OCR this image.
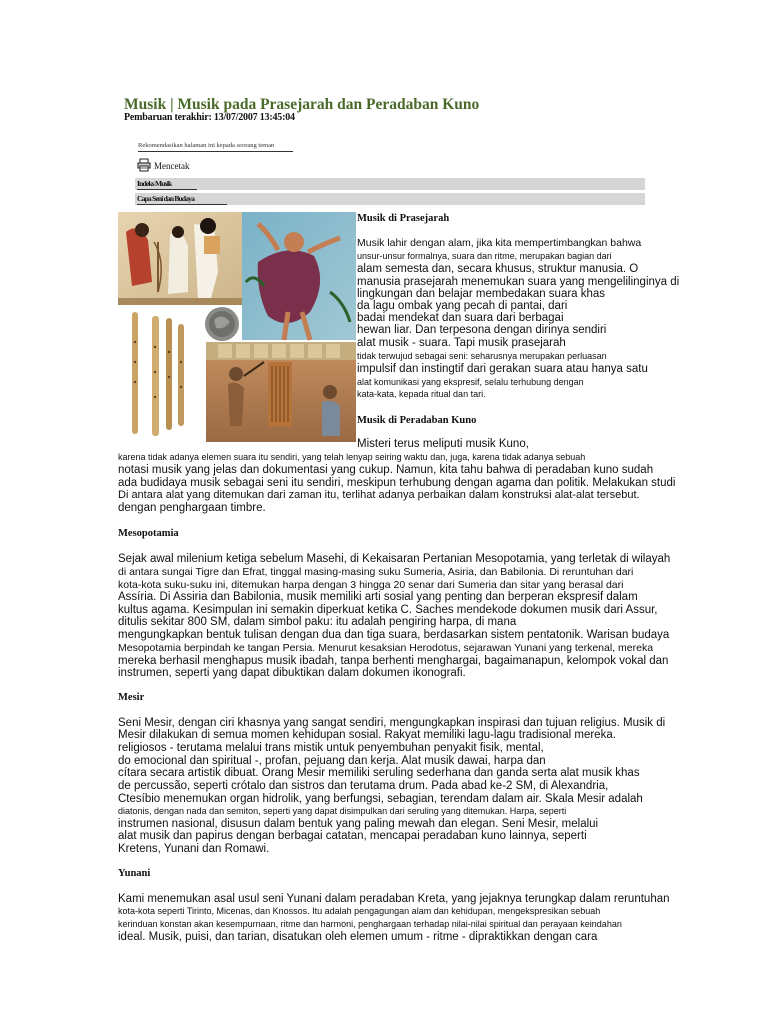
Musik | Musik pada Prasejarah dan Peradaban Kuno
Pembaruan terakhir: 13/07/2007 13:45:04
Rekomendasikan halaman ini kepada seorang teman
Mencetak
Indeks Musik
Capa Seni dan Budaya
Musik di Prasejarah
Musik lahir dengan alam, jika kita mempertimbangkan bahwa
unsur-unsur formalnya, suara dan ritme, merupakan bagian dari
alam semesta dan, secara khusus, struktur manusia. O
manusia prasejarah menemukan suara yang mengelilinginya di
lingkungan dan belajar membedakan suara khas
da lagu ombak yang pecah di pantai, dari
badai mendekat dan suara dari berbagai
hewan liar. Dan terpesona dengan dirinya sendiri
alat musik - suara. Tapi musik prasejarah
tidak terwujud sebagai seni: seharusnya merupakan perluasan
impulsif dan instingtif dari gerakan suara atau hanya satu
alat komunikasi yang ekspresif, selalu terhubung dengan
kata-kata, kepada ritual dan tari.
Musik di Peradaban Kuno
Misteri terus meliputi musik Kuno,
karena tidak adanya elemen suara itu sendiri, yang telah lenyap seiring waktu dan, juga, karena tidak adanya sebuah
notasi musik yang jelas dan dokumentasi yang cukup. Namun, kita tahu bahwa di peradaban kuno sudah
ada budidaya musik sebagai seni itu sendiri, meskipun terhubung dengan agama dan politik. Melakukan studi
Di antara alat yang ditemukan dari zaman itu, terlihat adanya perbaikan dalam konstruksi alat-alat tersebut.
dengan penghargaan timbre.
Mesopotamia
Sejak awal milenium ketiga sebelum Masehi, di Kekaisaran Pertanian Mesopotamia, yang terletak di wilayah
di antara sungai Tigre dan Efrat, tinggal masing-masing suku Sumeria, Asiria, dan Babilonia. Di reruntuhan dari
kota-kota suku-suku ini, ditemukan harpa dengan 3 hingga 20 senar dari Sumeria dan sitar yang berasal dari
Assíria. Di Assiria dan Babilonia, musik memiliki arti sosial yang penting dan berperan ekspresif dalam
kultus agama. Kesimpulan ini semakin diperkuat ketika C. Saches mendekode dokumen musik dari Assur,
ditulis sekitar 800 SM, dalam simbol paku: itu adalah pengiring harpa, di mana
mengungkapkan bentuk tulisan dengan dua dan tiga suara, berdasarkan sistem pentatonik. Warisan budaya
Mesopotamia berpindah ke tangan Persia. Menurut kesaksian Herodotus, sejarawan Yunani yang terkenal, mereka
mereka berhasil menghapus musik ibadah, tanpa berhenti menghargai, bagaimanapun, kelompok vokal dan
instrumen, seperti yang dapat dibuktikan dalam dokumen ikonografi.
Mesir
Seni Mesir, dengan ciri khasnya yang sangat sendiri, mengungkapkan inspirasi dan tujuan religius. Musik di
Mesir dilakukan di semua momen kehidupan sosial. Rakyat memiliki lagu-lagu tradisional mereka.
religiosos - terutama melalui trans mistik untuk penyembuhan penyakit fisik, mental,
do emocional dan spiritual -, profan, pejuang dan kerja. Alat musik dawai, harpa dan
cítara secara artistik dibuat. Orang Mesir memiliki seruling sederhana dan ganda serta alat musik khas
de percussão, seperti crótalo dan sistros dan terutama drum. Pada abad ke-2 SM, di Alexandria,
Ctesíbio menemukan organ hidrolik, yang berfungsi, sebagian, terendam dalam air. Skala Mesir adalah
diatonis, dengan nada dan semiton, seperti yang dapat disimpulkan dari seruling yang ditemukan. Harpa, seperti
instrumen nasional, disusun dalam bentuk yang paling mewah dan elegan. Seni Mesir, melalui
alat musik dan papirus dengan berbagai catatan, mencapai peradaban kuno lainnya, seperti
Kretens, Yunani dan Romawi.
Yunani
Kami menemukan asal usul seni Yunani dalam peradaban Kreta, yang jejaknya terungkap dalam reruntuhan
kota-kota seperti Tirinto, Micenas, dan Knossos. Itu adalah pengagungan alam dan kehidupan, mengekspresikan sebuah
kerinduan konstan akan kesempurnaan, ritme dan harmoni, penghargaan terhadap nilai-nilai spiritual dan perayaan keindahan
ideal. Musik, puisi, dan tarian, disatukan oleh elemen umum - ritme - dipraktikkan dengan cara
